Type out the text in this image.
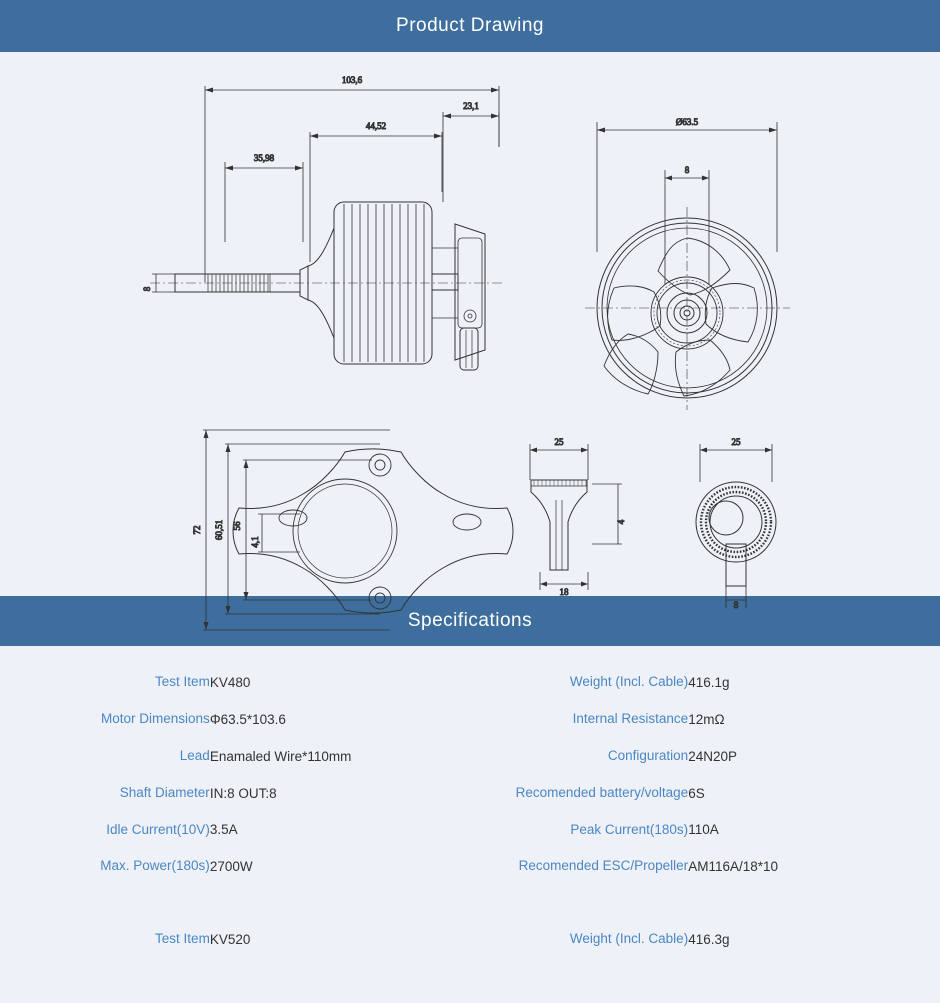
Product Drawing
103,6
44,52
23,1
35,98
8
Ø63.5
8
72 60,51 56
4,1
25
18
4
25
8
Specifications
Test Item	KV480		Weight (Incl. Cable)	416.1g
Motor Dimensions	Φ63.5*103.6		Internal Resistance	12mΩ
Lead	Enamaled Wire*110mm		Configuration	24N20P
Shaft Diameter	IN:8 OUT:8		Recomended battery/voltage	6S
Idle Current(10V)	3.5A		Peak Current(180s)	110A
Max. Power(180s)	2700W		Recomended ESC/Propeller	AM116A/18*10

Test Item	KV520		Weight (Incl. Cable)	416.3g
